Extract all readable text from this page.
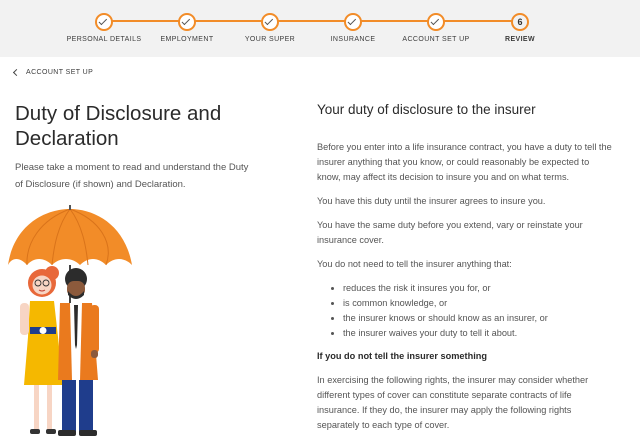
PERSONAL DETAILS	EMPLOYMENT	YOUR SUPER	INSURANCE	ACCOUNT SET UP
6
REVIEW
ACCOUNT SET UP
Duty of Disclosure and Declaration

Please take a moment to read and understand the Duty of Disclosure (if shown) and Declaration.

Your duty of disclosure to the insurer

Before you enter into a life insurance contract, you have a duty to tell the insurer anything that you know, or could reasonably be expected to know, may affect its decision to insure you and on what terms.

You have this duty until the insurer agrees to insure you.

You have the same duty before you extend, vary or reinstate your insurance cover.

You do not need to tell the insurer anything that:

• reduces the risk it insures you for, or
• is common knowledge, or
• the insurer knows or should know as an insurer, or
• the insurer waives your duty to tell it about.
If you do not tell the insurer something

In exercising the following rights, the insurer may consider whether different types of cover can constitute separate contracts of life insurance. If they do, the insurer may apply the following rights separately to each type of cover.
